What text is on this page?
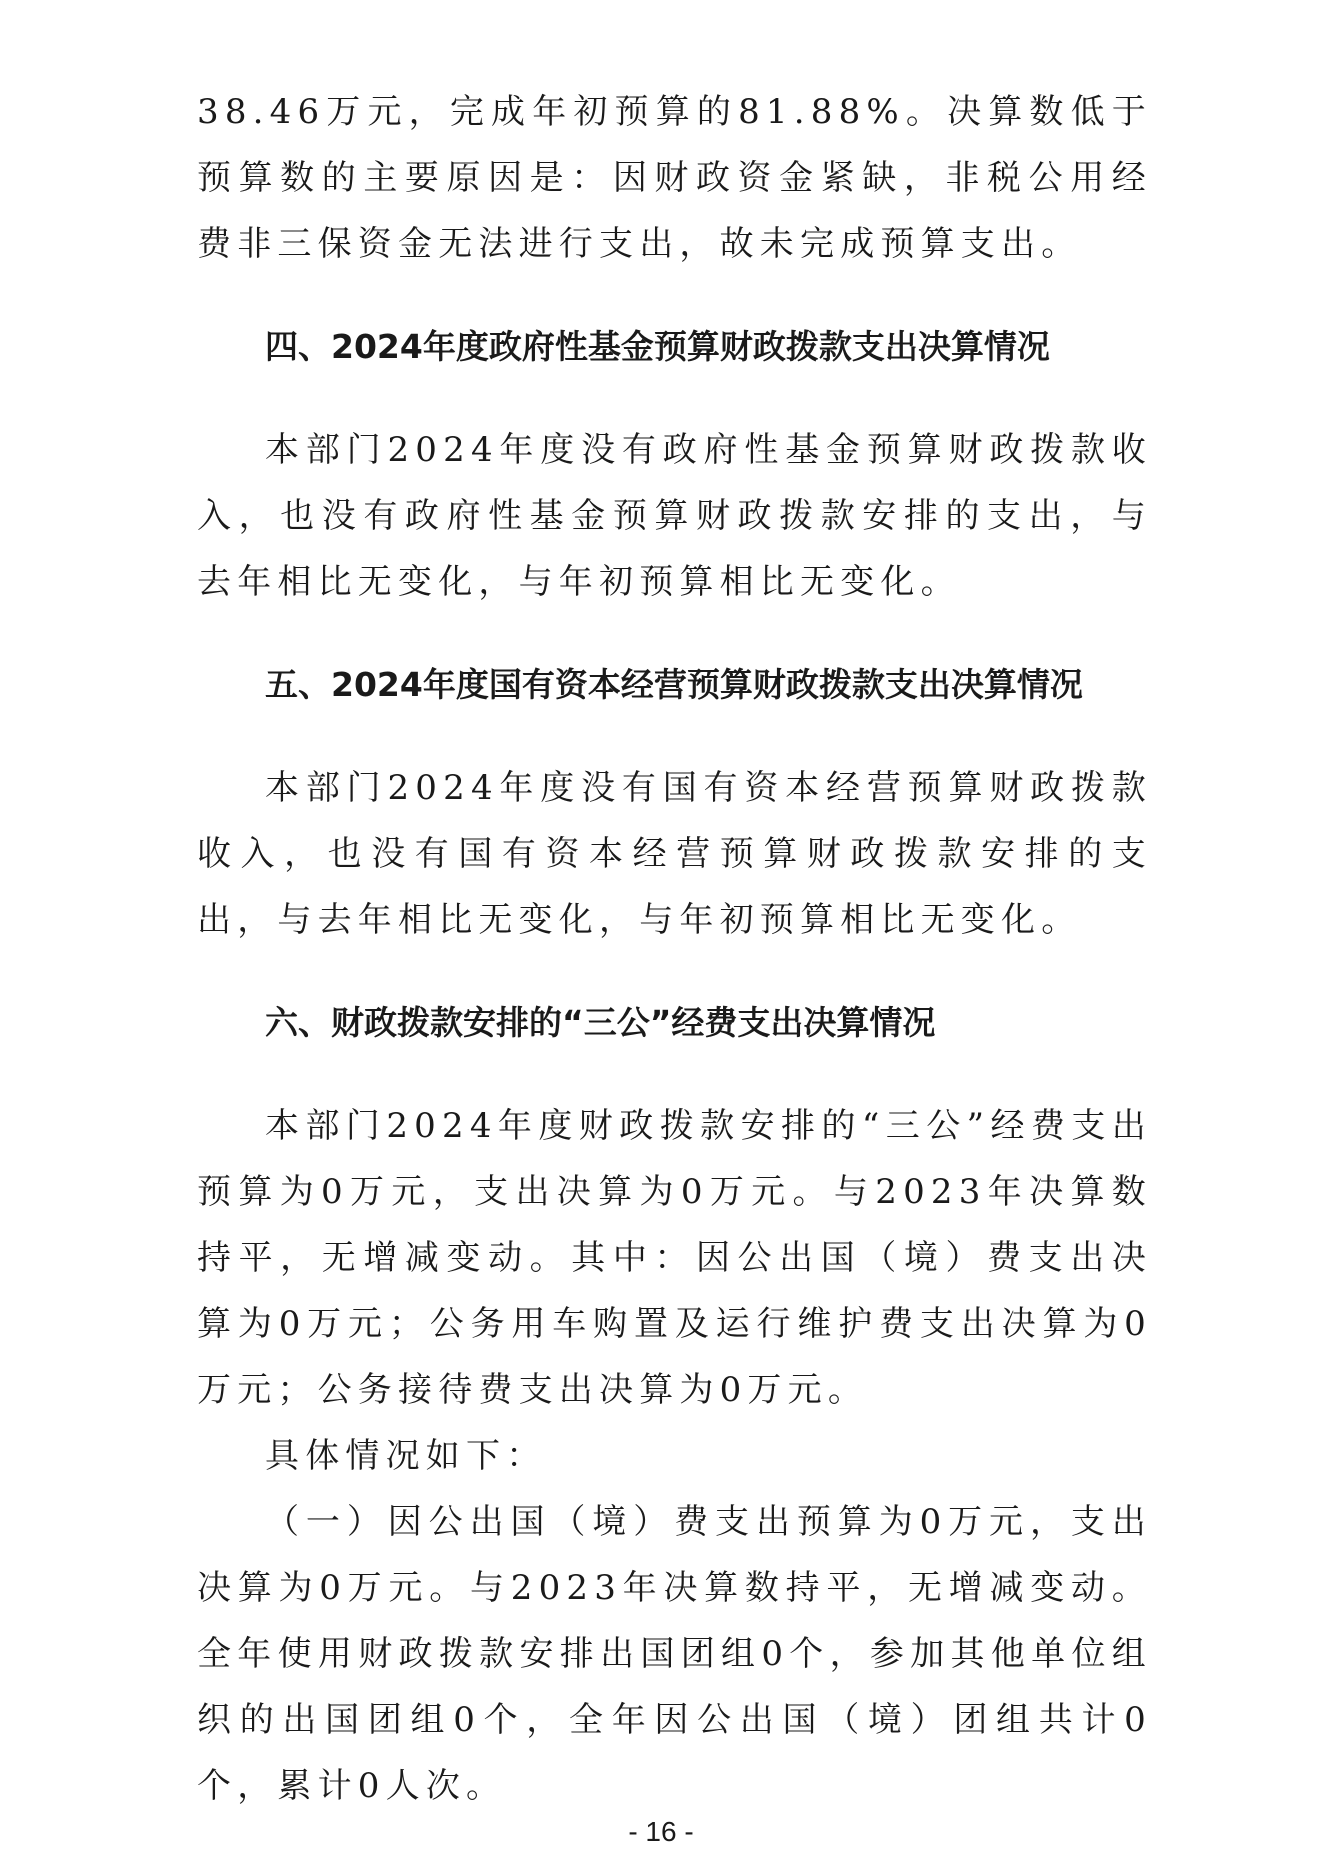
38.46万元，完成年初预算的81.88%。决算数低于预算数的主要原因是：因财政资金紧缺，非税公用经费非三保资金无法进行支出，故未完成预算支出。

四、2024年度政府性基金预算财政拨款支出决算情况

本部门2024年度没有政府性基金预算财政拨款收入，也没有政府性基金预算财政拨款安排的支出，与去年相比无变化，与年初预算相比无变化。

五、2024年度国有资本经营预算财政拨款支出决算情况

本部门2024年度没有国有资本经营预算财政拨款收入，也没有国有资本经营预算财政拨款安排的支出，与去年相比无变化，与年初预算相比无变化。

六、财政拨款安排的“三公”经费支出决算情况

本部门2024年度财政拨款安排的“三公”经费支出预算为0万元，支出决算为0万元。与2023年决算数持平，无增减变动。其中：因公出国（境）费支出决算为0万元；公务用车购置及运行维护费支出决算为0万元；公务接待费支出决算为0万元。

具体情况如下：

（一）因公出国（境）费支出预算为0万元，支出决算为0万元。与2023年决算数持平，无增减变动。全年使用财政拨款安排出国团组0个，参加其他单位组织的出国团组0个，全年因公出国（境）团组共计0个，累计0人次。

- 16 -
